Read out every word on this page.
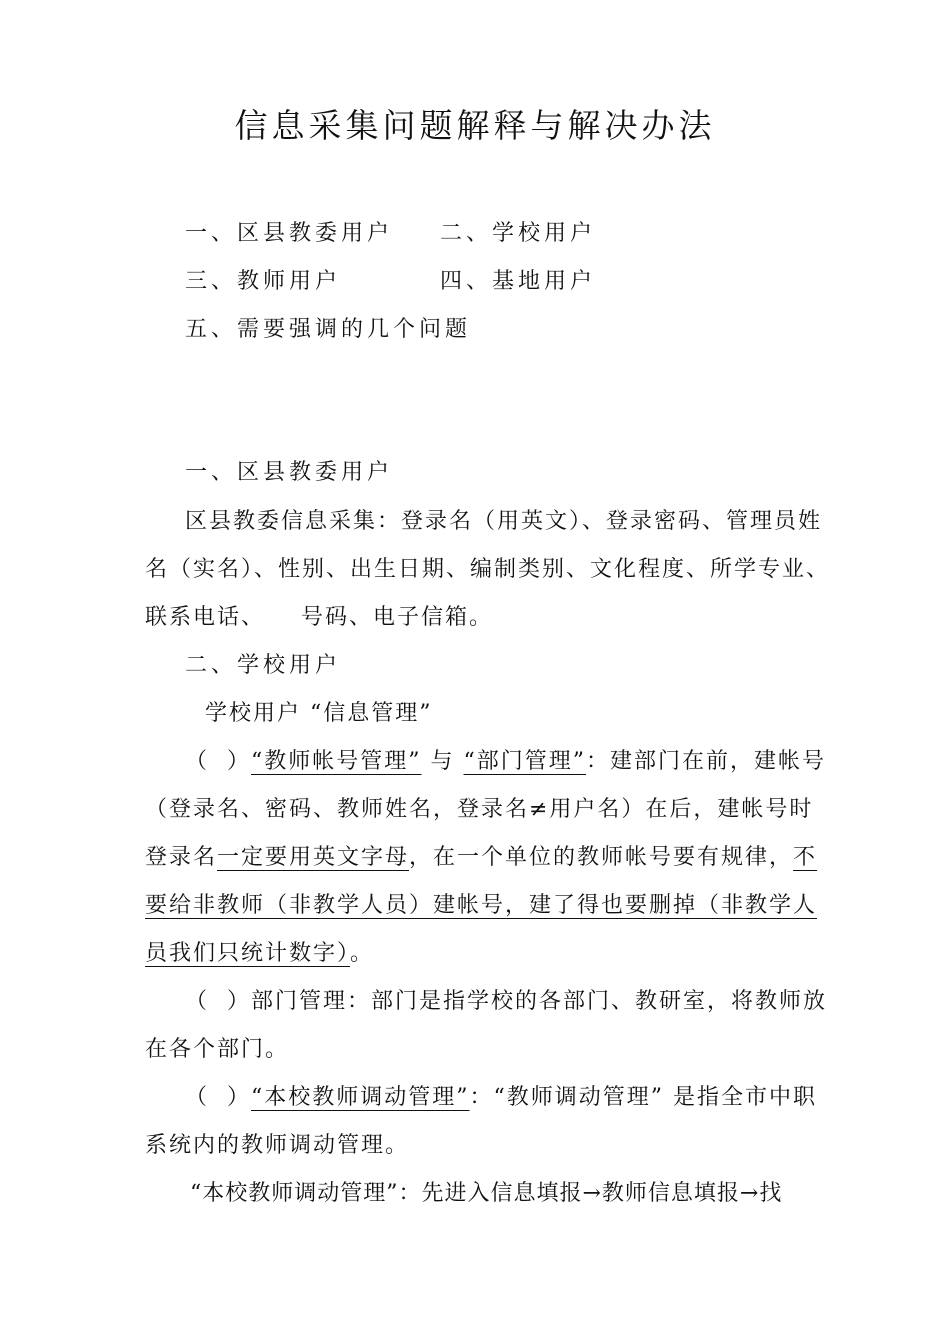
信息采集问题解释与解决办法
一、区县教委用户 二、学校用户
三、教师用户	四、基地用户
五、需要强调的几个问题
一、区县教委用户
区县教委信息采集：登录名（用英文）、登录密码、管理员姓
名（实名）、性别、出生日期、编制类别、文化程度、所学专业、
联系电话、    号码、电子信箱。
二、学校用户
学校用户 “信息管理”
（  ）“教师帐号管理” 与 “部门管理”：建部门在前，建帐号
（登录名、密码、教师姓名，登录名≠用户名）在后，建帐号时
登录名一定要用英文字母，在一个单位的教师帐号要有规律，不
要给非教师（非教学人员）建帐号，建了得也要删掉（非教学人
员我们只统计数字）。
（  ）部门管理：部门是指学校的各部门、教研室，将教师放
在各个部门。
（  ）“本校教师调动管理”：“教师调动管理” 是指全市中职
系统内的教师调动管理。
“本校教师调动管理”：先进入信息填报→教师信息填报→找
